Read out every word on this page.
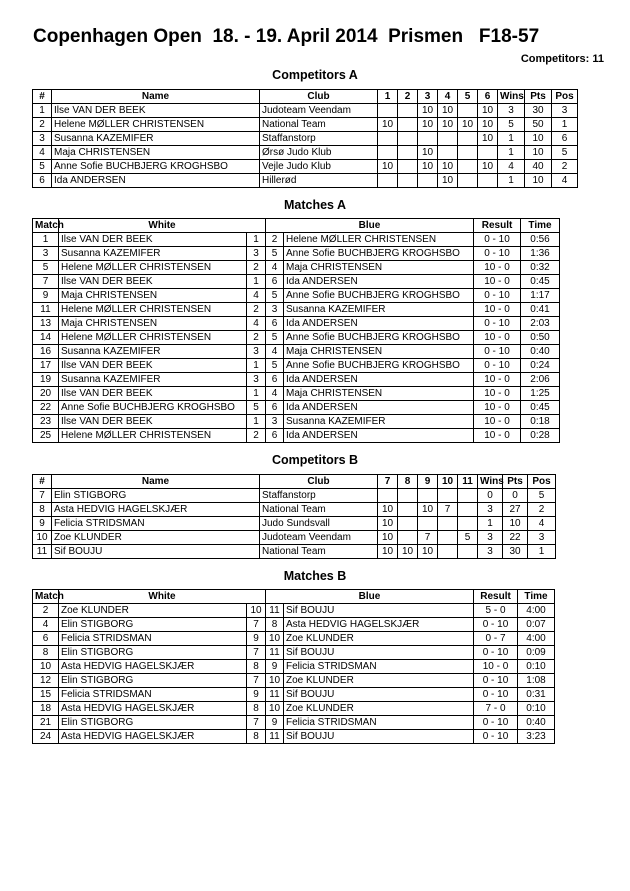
Copenhagen Open  18. - 19. April 2014  Prismen   F18-57
Competitors: 11
Competitors A
#	Name	Club	1	2	3	4	5	6	Wins	Pts	Pos
1	Ilse VAN DER BEEK	Judoteam Veendam			10	10		10	3	30	3
2	Helene MØLLER CHRISTENSEN	National Team	10		10	10	10	10	5	50	1
3	Susanna KAZEMIFER	Staffanstorp						10	1	10	6
4	Maja CHRISTENSEN	Ørsø Judo Klub			10				1	10	5
5	Anne Sofie BUCHBJERG KROGHSBO	Vejle Judo Klub	10		10	10		10	4	40	2
6	Ida ANDERSEN	Hillerød				10			1	10	4
Matches A
Match	White		Blue		Result	Time
1	Ilse VAN DER BEEK	1	2	Helene MØLLER CHRISTENSEN	0 - 10	0:56
3	Susanna KAZEMIFER	3	5	Anne Sofie BUCHBJERG KROGHSBO	0 - 10	1:36
5	Helene MØLLER CHRISTENSEN	2	4	Maja CHRISTENSEN	10 - 0	0:32
7	Ilse VAN DER BEEK	1	6	Ida ANDERSEN	10 - 0	0:45
9	Maja CHRISTENSEN	4	5	Anne Sofie BUCHBJERG KROGHSBO	0 - 10	1:17
11	Helene MØLLER CHRISTENSEN	2	3	Susanna KAZEMIFER	10 - 0	0:41
13	Maja CHRISTENSEN	4	6	Ida ANDERSEN	0 - 10	2:03
14	Helene MØLLER CHRISTENSEN	2	5	Anne Sofie BUCHBJERG KROGHSBO	10 - 0	0:50
16	Susanna KAZEMIFER	3	4	Maja CHRISTENSEN	0 - 10	0:40
17	Ilse VAN DER BEEK	1	5	Anne Sofie BUCHBJERG KROGHSBO	0 - 10	0:24
19	Susanna KAZEMIFER	3	6	Ida ANDERSEN	10 - 0	2:06
20	Ilse VAN DER BEEK	1	4	Maja CHRISTENSEN	10 - 0	1:25
22	Anne Sofie BUCHBJERG KROGHSBO	5	6	Ida ANDERSEN	10 - 0	0:45
23	Ilse VAN DER BEEK	1	3	Susanna KAZEMIFER	10 - 0	0:18
25	Helene MØLLER CHRISTENSEN	2	6	Ida ANDERSEN	10 - 0	0:28
Competitors B
#	Name	Club	7	8	9	10	11	Wins	Pts	Pos
7	Elin STIGBORG	Staffanstorp						0	0	5
8	Asta HEDVIG HAGELSKJÆR	National Team	10		10	7		3	27	2
9	Felicia STRIDSMAN	Judo Sundsvall	10					1	10	4
10	Zoe KLUNDER	Judoteam Veendam	10		7		5	3	22	3
11	Sif BOUJU	National Team	10	10	10			3	30	1
Matches B
Match	White		Blue		Result	Time
2	Zoe KLUNDER	10	11	Sif BOUJU	5 - 0	4:00
4	Elin STIGBORG	7	8	Asta HEDVIG HAGELSKJÆR	0 - 10	0:07
6	Felicia STRIDSMAN	9	10	Zoe KLUNDER	0 - 7	4:00
8	Elin STIGBORG	7	11	Sif BOUJU	0 - 10	0:09
10	Asta HEDVIG HAGELSKJÆR	8	9	Felicia STRIDSMAN	10 - 0	0:10
12	Elin STIGBORG	7	10	Zoe KLUNDER	0 - 10	1:08
15	Felicia STRIDSMAN	9	11	Sif BOUJU	0 - 10	0:31
18	Asta HEDVIG HAGELSKJÆR	8	10	Zoe KLUNDER	7 - 0	0:10
21	Elin STIGBORG	7	9	Felicia STRIDSMAN	0 - 10	0:40
24	Asta HEDVIG HAGELSKJÆR	8	11	Sif BOUJU	0 - 10	3:23
